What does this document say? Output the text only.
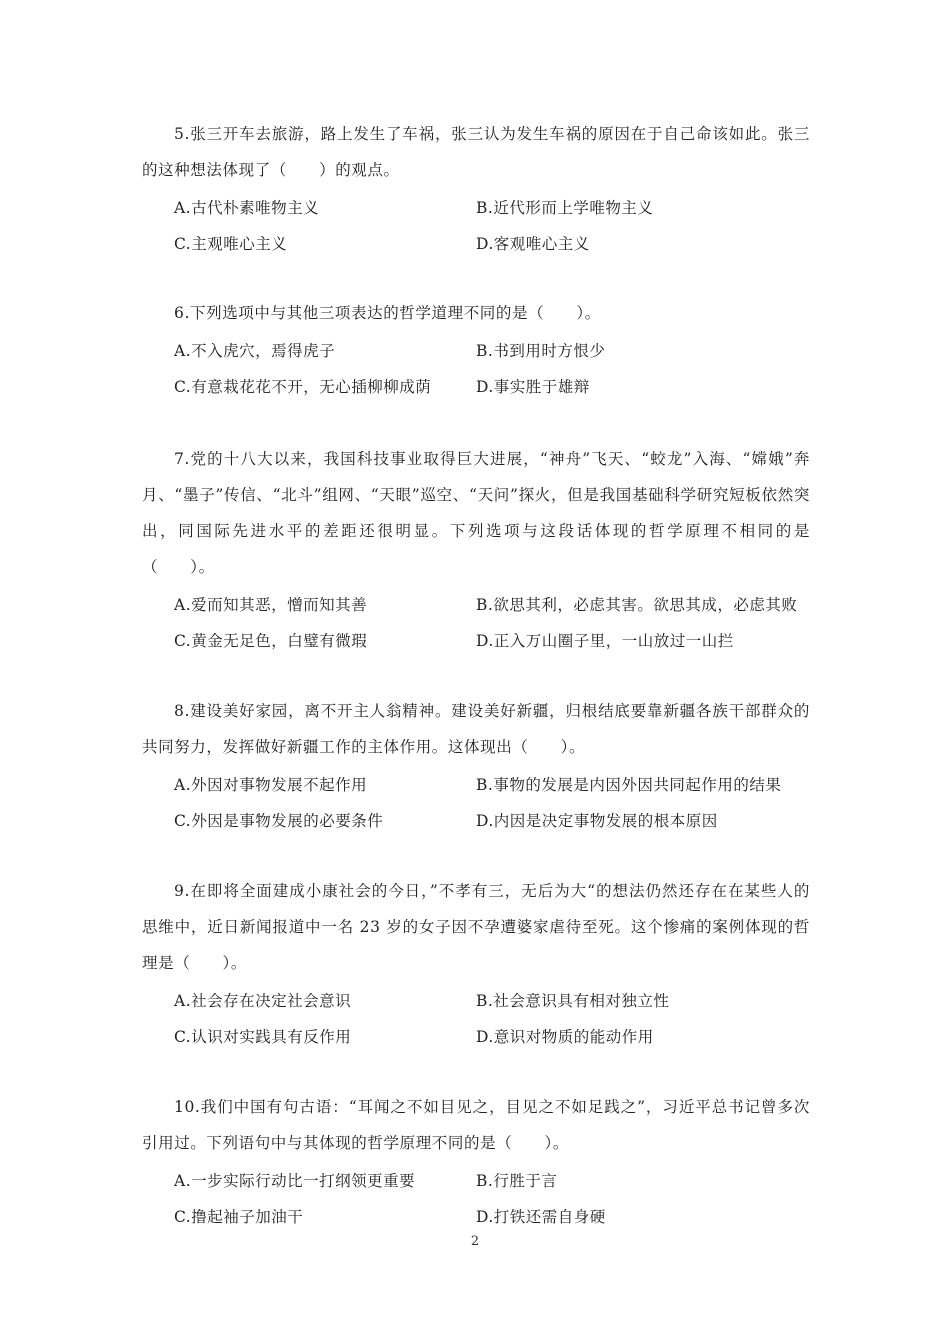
5.张三开车去旅游，路上发生了车祸，张三认为发生车祸的原因在于自己命该如此。张三的这种想法体现了（　　）的观点。

A.古代朴素唯物主义	B.近代形而上学唯物主义
C.主观唯心主义	D.客观唯心主义

6.下列选项中与其他三项表达的哲学道理不同的是（　　）。

A.不入虎穴，焉得虎子	B.书到用时方恨少
C.有意栽花花不开，无心插柳柳成荫	D.事实胜于雄辩

7.党的十八大以来，我国科技事业取得巨大进展，“神舟”飞天、“蛟龙”入海、“嫦娥”奔月、“墨子”传信、“北斗”组网、“天眼”巡空、“天问”探火，但是我国基础科学研究短板依然突出，同国际先进水平的差距还很明显。下列选项与这段话体现的哲学原理不相同的是（　　）。

A.爱而知其恶，憎而知其善	B.欲思其利，必虑其害。欲思其成，必虑其败
C.黄金无足色，白璧有微瑕	D.正入万山圈子里，一山放过一山拦

8.建设美好家园，离不开主人翁精神。建设美好新疆，归根结底要靠新疆各族干部群众的共同努力，发挥做好新疆工作的主体作用。这体现出（　　）。

A.外因对事物发展不起作用	B.事物的发展是内因外因共同起作用的结果
C.外因是事物发展的必要条件	D.内因是决定事物发展的根本原因

9.在即将全面建成小康社会的今日，”不孝有三，无后为大“的想法仍然还存在在某些人的思维中，近日新闻报道中一名 23 岁的女子因不孕遭婆家虐待至死。这个惨痛的案例体现的哲理是（　　）。

A.社会存在决定社会意识	B.社会意识具有相对独立性
C.认识对实践具有反作用	D.意识对物质的能动作用

10.我们中国有句古语：“耳闻之不如目见之，目见之不如足践之”，习近平总书记曾多次引用过。下列语句中与其体现的哲学原理不同的是（　　）。

A.一步实际行动比一打纲领更重要	B.行胜于言
C.撸起袖子加油干	D.打铁还需自身硬
2
